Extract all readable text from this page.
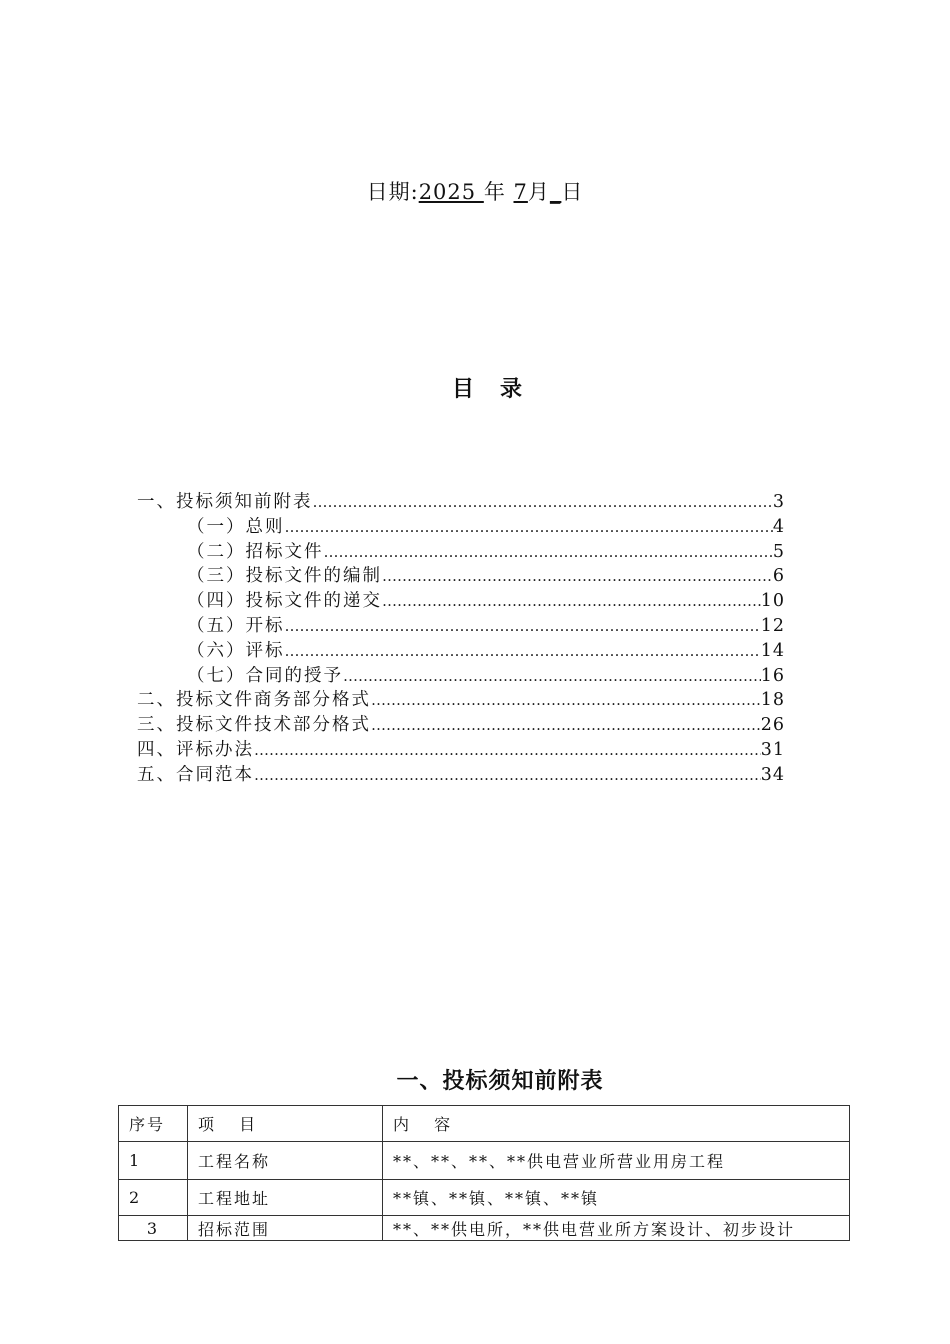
日期:2025 年 7月_日
目录
一、投标须知前附表 …………………………………………………………………………………………………………………………………………………………	3
（一）总则 …………………………………………………………………………………………………………………………………………………………	4
（二）招标文件 …………………………………………………………………………………………………………………………………………………………	5
（三）投标文件的编制 …………………………………………………………………………………………………………………………………………………………	6
（四）投标文件的递交 …………………………………………………………………………………………………………………………………………………………	10
（五）开标 …………………………………………………………………………………………………………………………………………………………	12
（六）评标 …………………………………………………………………………………………………………………………………………………………	14
（七）合同的授予 …………………………………………………………………………………………………………………………………………………………	16
二、投标文件商务部分格式 …………………………………………………………………………………………………………………………………………………………	18
三、投标文件技术部分格式 …………………………………………………………………………………………………………………………………………………………	26
四、评标办法 …………………………………………………………………………………………………………………………………………………………	31
五、合同范本 …………………………………………………………………………………………………………………………………………………………	34
一、投标须知前附表
序号	项 目	内 容
1	工程名称	**、**、**、**供电营业所营业用房工程
2	工程地址	**镇、**镇、**镇、**镇
3	招标范围	**、**供电所，**供电营业所方案设计、初步设计
